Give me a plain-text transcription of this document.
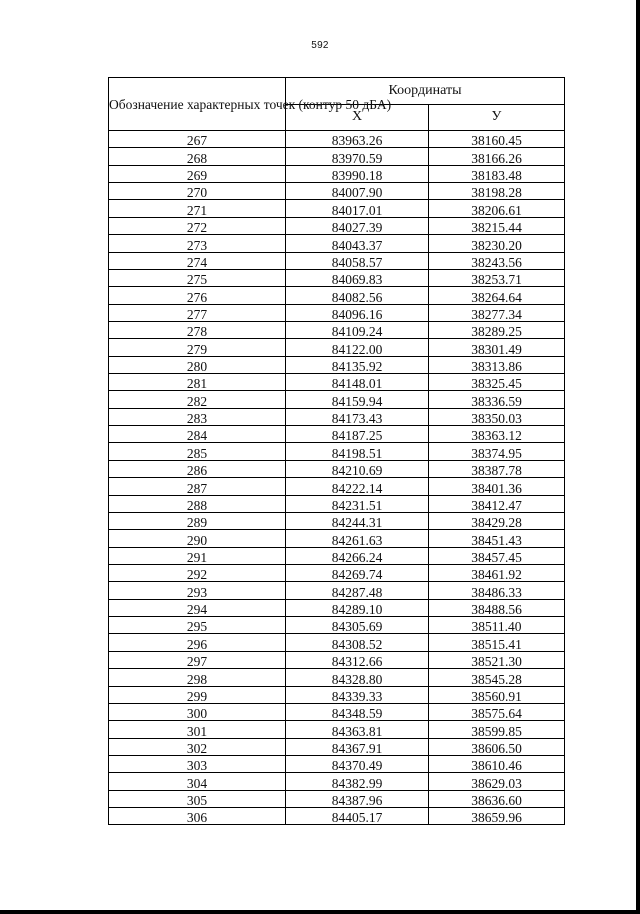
592
Обозначение характерных точек (контур 50 дБА)	Координаты	
	Х	У
267	83963.26	38160.45
268	83970.59	38166.26
269	83990.18	38183.48
270	84007.90	38198.28
271	84017.01	38206.61
272	84027.39	38215.44
273	84043.37	38230.20
274	84058.57	38243.56
275	84069.83	38253.71
276	84082.56	38264.64
277	84096.16	38277.34
278	84109.24	38289.25
279	84122.00	38301.49
280	84135.92	38313.86
281	84148.01	38325.45
282	84159.94	38336.59
283	84173.43	38350.03
284	84187.25	38363.12
285	84198.51	38374.95
286	84210.69	38387.78
287	84222.14	38401.36
288	84231.51	38412.47
289	84244.31	38429.28
290	84261.63	38451.43
291	84266.24	38457.45
292	84269.74	38461.92
293	84287.48	38486.33
294	84289.10	38488.56
295	84305.69	38511.40
296	84308.52	38515.41
297	84312.66	38521.30
298	84328.80	38545.28
299	84339.33	38560.91
300	84348.59	38575.64
301	84363.81	38599.85
302	84367.91	38606.50
303	84370.49	38610.46
304	84382.99	38629.03
305	84387.96	38636.60
306	84405.17	38659.96
